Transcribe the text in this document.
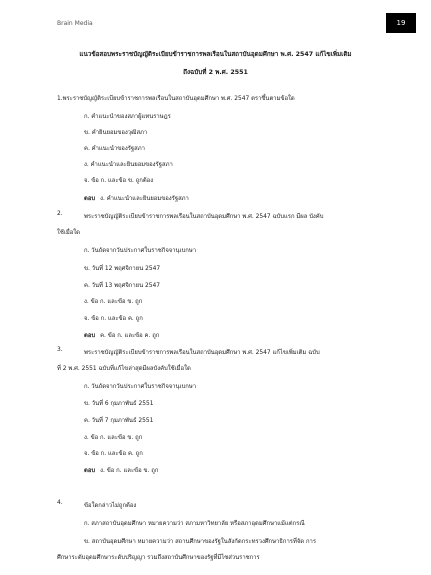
Brain Media	19
แนวข้อสอบพระราชบัญญัติระเบียบข้าราชการพลเรือนในสถาบันอุดมศึกษา พ.ศ. 2547 แก้ไขเพิ่มเติม
ถึงฉบับที่ 2 พ.ศ. 2551
1.พระราชบัญญัติระเบียบข้าราชการพลเรือนในสถาบันอุดมศึกษา พ.ศ. 2547 ตราขึ้นตามข้อใด
ก. คำแนะนำของสภาผู้แทนราษฎร
ข. คำยินยอมของวุฒิสภา
ค. คำแนะนำของรัฐสภา
ง. คำแนะนำและยินยอมของรัฐสภา
จ. ข้อ ก. และข้อ ข. ถูกต้อง
ตอบ ง. คำแนะนำและยินยอมของรัฐสภา
2.	พระราชบัญญัติระเบียบข้าราชการพลเรือนในสถาบันอุดมศึกษา พ.ศ. 2547 ฉบับแรก มีผล บังคับ
ใช้เมื่อใด
ก. วันถัดจากวันประกาศในราชกิจจานุเบกษา
ข. วันที่ 12 พฤศจิกายน 2547
ค. วันที่ 13 พฤศจิกายน 2547
ง. ข้อ ก. และข้อ ข. ถูก
จ. ข้อ ก. และข้อ ค. ถูก
ตอบ ค. ข้อ ก. และข้อ ค. ถูก
3.	พระราชบัญญัติระเบียบข้าราชการพลเรือนในสถาบันอุดมศึกษา พ.ศ. 2547 แก้ไขเพิ่มเติม ฉบับ
ที่ 2 พ.ศ. 2551 ฉบับที่แก้ไขล่าสุดมีผลบังคับใช้เมื่อใด
ก. วันถัดจากวันประกาศในราชกิจจานุเบกษา
ข. วันที่ 6 กุมภาพันธ์ 2551
ค. วันที่ 7 กุมภาพันธ์ 2551
ง. ข้อ ก. และข้อ ข. ถูก
จ. ข้อ ก. และข้อ ค. ถูก
ตอบ ง. ข้อ ก. และข้อ ข. ถูก
4.	ข้อใดกล่าวไม่ถูกต้อง
ก. สภาสถาบันอุดมศึกษา หมายความว่า สภามหาวิทยาลัย หรือสภาอุดมศึกษาแม้แต่กรณี
ข. สถาบันอุดมศึกษา หมายความว่า สถานศึกษาของรัฐในสังกัดกระทรวงศึกษาธิการที่จัด การ
ศึกษาระดับอุดมศึกษาระดับปริญญา รวมถึงสถาบันศึกษาของรัฐที่มีไซส่วนราชการ
